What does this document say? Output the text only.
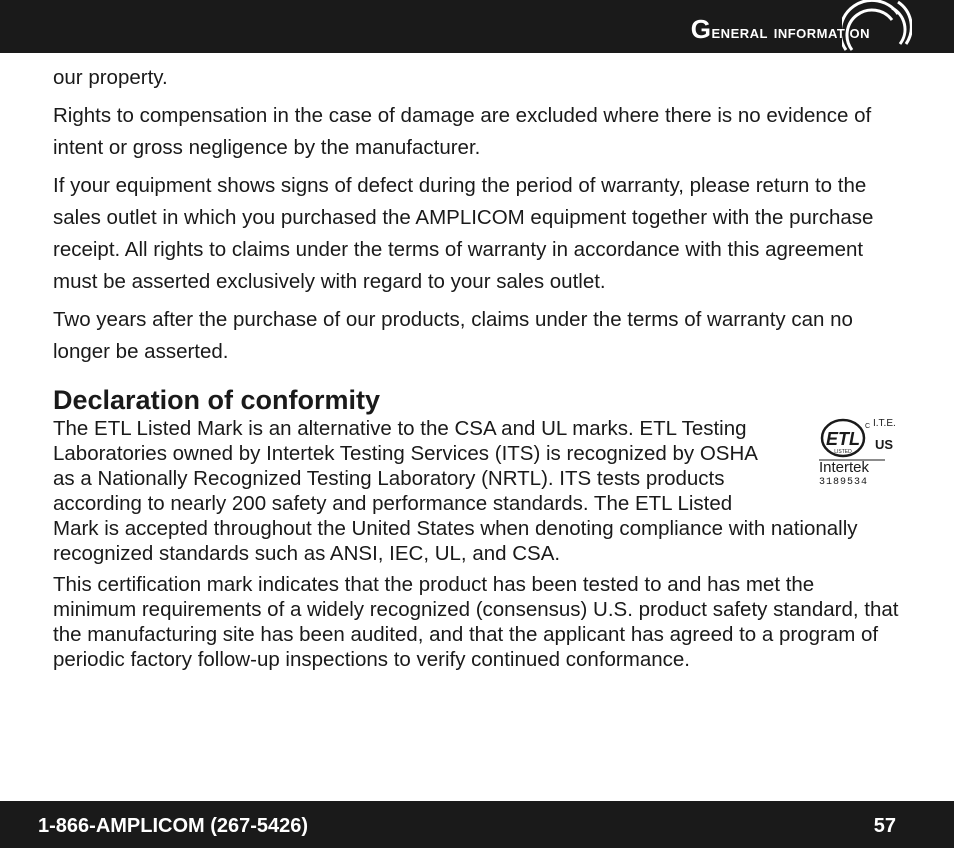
General information

our property.

Rights to compensation in the case of damage are excluded where there is no evidence of intent or gross negligence by the manufacturer.

If your equipment shows signs of defect during the period of warranty, please return to the sales outlet in which you purchased the AMPLICOM equipment together with the purchase receipt. All rights to claims under the terms of warranty in accordance with this agreement must be asserted exclusively with regard to your sales outlet.

Two years after the purchase of our products, claims under the terms of warranty can no longer be asserted.

Declaration of conformity
ETL
LISTED
C I.T.E.
US
Intertek
3189534

The ETL Listed Mark is an alternative to the CSA and UL marks. ETL Testing Laboratories owned by Intertek Testing Services (ITS) is recognized by OSHA as a Nationally Recognized Testing Laboratory (NRTL). ITS tests products according to nearly 200 safety and performance standards. The ETL Listed Mark is accepted throughout the United States when denoting compliance with nationally recognized standards such as ANSI, IEC, UL, and CSA.

This certification mark indicates that the product has been tested to and has met the minimum requirements of a widely recognized (consensus) U.S. product safety standard, that the manufacturing site has been audited, and that the applicant has agreed to a program of periodic factory follow-up inspections to verify continued conformance.

1-866-AMPLICOM (267-5426)	57
